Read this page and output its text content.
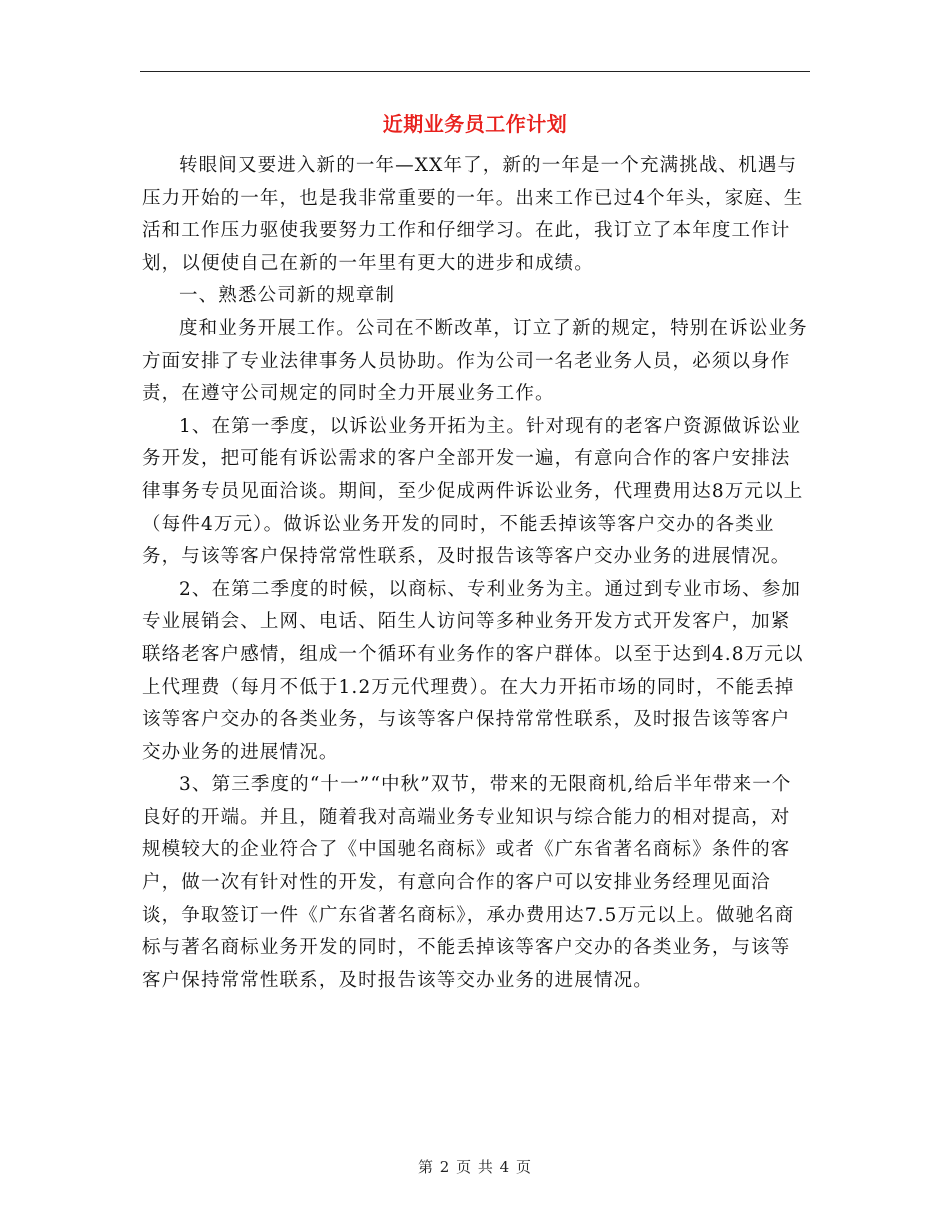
近期业务员工作计划

转眼间又要进入新的一年—XX年了，新的一年是一个充满挑战、机遇与压力开始的一年，也是我非常重要的一年。出来工作已过4个年头，家庭、生活和工作压力驱使我要努力工作和仔细学习。在此，我订立了本年度工作计划，以便使自己在新的一年里有更大的进步和成绩。

一、熟悉公司新的规章制

度和业务开展工作。公司在不断改革，订立了新的规定，特别在诉讼业务方面安排了专业法律事务人员协助。作为公司一名老业务人员，必须以身作责，在遵守公司规定的同时全力开展业务工作。

1、在第一季度，以诉讼业务开拓为主。针对现有的老客户资源做诉讼业务开发，把可能有诉讼需求的客户全部开发一遍，有意向合作的客户安排法律事务专员见面洽谈。期间，至少促成两件诉讼业务，代理费用达8万元以上（每件4万元）。做诉讼业务开发的同时，不能丢掉该等客户交办的各类业务，与该等客户保持常常性联系，及时报告该等客户交办业务的进展情况。

2、在第二季度的时候，以商标、专利业务为主。通过到专业市场、参加专业展销会、上网、电话、陌生人访问等多种业务开发方式开发客户，加紧联络老客户感情，组成一个循环有业务作的客户群体。以至于达到4.8万元以上代理费（每月不低于1.2万元代理费）。在大力开拓市场的同时，不能丢掉该等客户交办的各类业务，与该等客户保持常常性联系，及时报告该等客户交办业务的进展情况。

3、第三季度的“十一”“中秋”双节，带来的无限商机,给后半年带来一个良好的开端。并且，随着我对高端业务专业知识与综合能力的相对提高，对规模较大的企业符合了《中国驰名商标》或者《广东省著名商标》条件的客户，做一次有针对性的开发，有意向合作的客户可以安排业务经理见面洽谈，争取签订一件《广东省著名商标》，承办费用达7.5万元以上。做驰名商标与著名商标业务开发的同时，不能丢掉该等客户交办的各类业务，与该等客户保持常常性联系，及时报告该等交办业务的进展情况。

第 2 页 共 4 页
